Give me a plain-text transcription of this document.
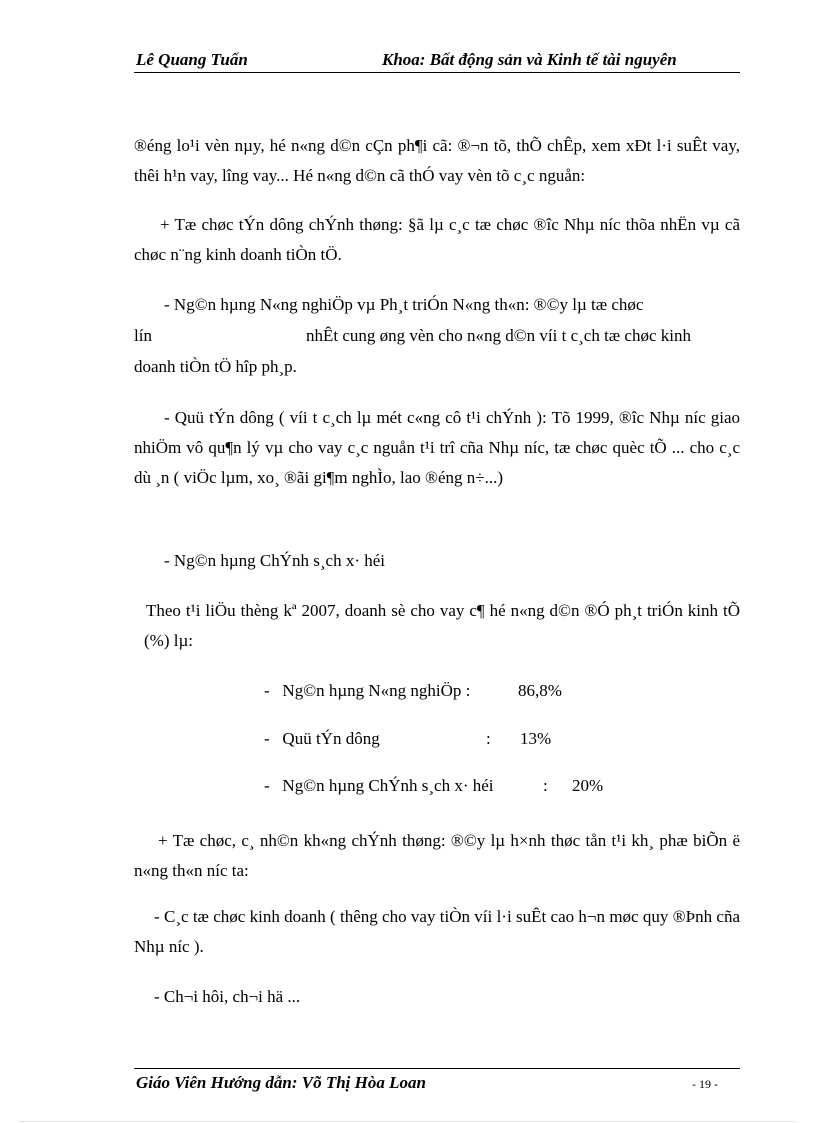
Lê Quang Tuấn	Khoa: Bất động sản và Kinh tế tài nguyên

®éng lo¹i vèn nµy, hé n«ng d©n cÇn ph¶i cã: ®¬n tõ, thÕ chÊp, xem xÐt l·i suÊt vay, thêi h¹n vay, lîng vay... Hé n«ng d©n cã thÓ vay vèn tõ c¸c nguån:

+ Tæ chøc tÝn dông chÝnh thøng: §ã lµ c¸c tæ chøc ®îc Nhµ níc thõa nhËn vµ cã chøc n¨ng kinh doanh tiÒn tÖ.

- Ng©n hµng N«ng nghiÖp vµ Ph¸t triÓn N«ng th«n: ®©y lµ tæ chøc

lín	nhÊt cung øng vèn cho n«ng d©n víi t c¸ch tæ chøc kinh

doanh tiÒn tÖ hîp ph¸p.

- Quü tÝn dông ( víi t c¸ch lµ mét c«ng cô t¹i chÝnh ): Tõ 1999, ®îc Nhµ níc giao nhiÖm vô qu¶n lý vµ cho vay c¸c nguån t¹i trî cña Nhµ níc, tæ chøc quèc tÕ ... cho c¸c dù ¸n ( viÖc lµm, xo¸ ®ãi gi¶m nghÌo, lao ®éng n÷...)

- Ng©n hµng ChÝnh s¸ch x· héi

Theo t¹i liÖu thèng kª 2007, doanh sè cho vay c¶ hé n«ng d©n ®Ó ph¸t triÓn kinh tÕ (%) lµ:

- Ng©n hµng N«ng nghiÖp :	86,8%
- Quü tÝn dông	: 13%
- Ng©n hµng ChÝnh s¸ch x· héi	: 20%

+ Tæ chøc, c¸ nh©n kh«ng chÝnh thøng: ®©y lµ h×nh thøc tån t¹i kh¸ phæ biÕn ë n«ng th«n níc ta:

- C¸c tæ chøc kinh doanh ( thêng cho vay tiÒn víi l·i suÊt cao h¬n møc quy ®Þnh cña Nhµ níc ).

- Ch¬i hôi, ch¬i hä ...

Giáo Viên Hướng dẫn: Võ Thị Hòa Loan	- 19 -
